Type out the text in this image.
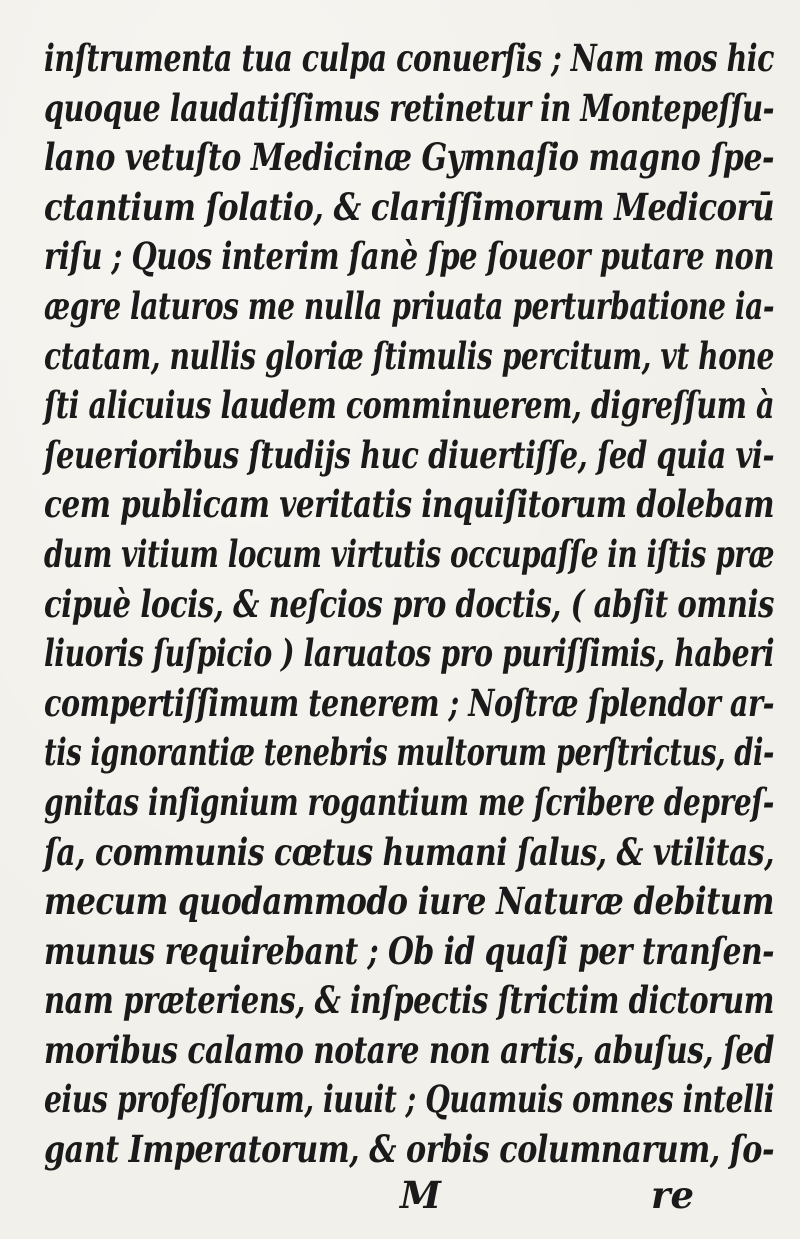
inſtrumenta tua culpa conuerſis ; Nam mos hic
quoque laudatiſſimus retinetur in Montepeſſu-
lano vetuſto Medicinæ Gymnaſio magno ſpe-
ctantium ſolatio, & clariſſimorum Medicorū
riſu ; Quos interim ſanè ſpe ſoueor putare non
ægre laturos me nulla priuata perturbatione ia-
ctatam, nullis gloriæ ſtimulis percitum, vt hone
ſti alicuius laudem comminuerem, digreſſum à
ſeuerioribus ſtudijs huc diuertiſſe, ſed quia vi-
cem publicam veritatis inquiſitorum dolebam
dum vitium locum virtutis occupaſſe in iſtis præ
cipuè locis, & neſcios pro doctis, ( abſit omnis
liuoris ſuſpicio ) laruatos pro puriſſimis, haberi
compertiſſimum tenerem ; Noſtræ ſplendor ar-
tis ignorantiæ tenebris multorum perſtrictus, di-
gnitas inſignium rogantium me ſcribere depreſ-
ſa, communis cœtus humani ſalus, & vtilitas,
mecum quodammodo iure Naturæ debitum
munus requirebant ; Ob id quaſi per tranſen-
nam præteriens, & inſpectis ſtrictim dictorum
moribus calamo notare non artis, abuſus, ſed
eius profeſſorum, iuuit ; Quamuis omnes intelli
gant Imperatorum, & orbis columnarum, ſo-
M	re
